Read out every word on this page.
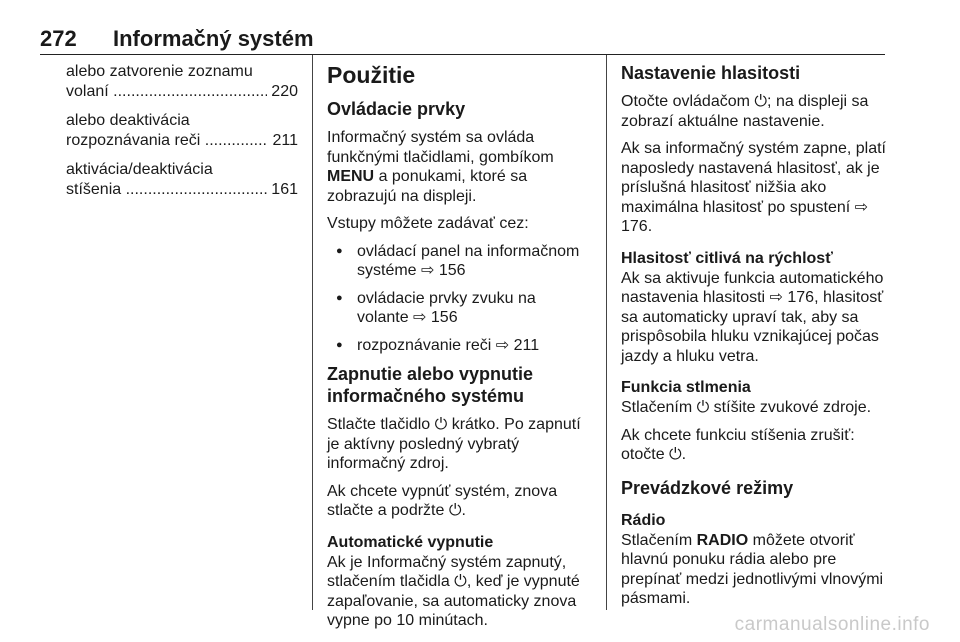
272 Informačný systém
alebo zatvorenie zoznamu
volaní
.....
	220
alebo deaktivácia
rozpoznávania reči
.....
	211
aktivácia/deaktivácia
stíšenia
.....
	161
Použitie
Ovládacie prvky

Informačný systém sa ovláda funkčnými tlačidlami, gombíkom MENU a ponukami, ktoré sa zobrazujú na displeji.

Vstupy môžete zadávať cez:

● ovládací panel na informačnom systéme ⇨ 156
● ovládacie prvky zvuku na volante ⇨ 156
● rozpoznávanie reči ⇨ 211
Zapnutie alebo vypnutie informačného systému

Stlačte tlačidlo ⏻ krátko. Po zapnutí je aktívny posledný vybratý informačný zdroj.

Ak chcete vypnúť systém, znova stlačte a podržte ⏻.

Automatické vypnutie

Ak je Informačný systém zapnutý, stlačením tlačidla ⏻, keď je vypnuté zapaľovanie, sa automaticky znova vypne po 10 minútach.

Nastavenie hlasitosti

Otočte ovládačom ⏻; na displeji sa zobrazí aktuálne nastavenie.

Ak sa informačný systém zapne, platí naposledy nastavená hlasitosť, ak je príslušná hlasitosť nižšia ako maximálna hlasitosť po spustení ⇨ 176.

Hlasitosť citlivá na rýchlosť

Ak sa aktivuje funkcia automatického nastavenia hlasitosti ⇨ 176, hlasitosť sa automaticky upraví tak, aby sa prispôsobila hluku vznikajúcej počas jazdy a hluku vetra.

Funkcia stlmenia

Stlačením ⏻ stíšite zvukové zdroje.

Ak chcete funkciu stíšenia zrušiť: otočte ⏻.

Prevádzkové režimy
Rádio

Stlačením RADIO môžete otvoriť hlavnú ponuku rádia alebo pre prepínať medzi jednotlivými vlnovými pásmami.

carmanualsonline.info
